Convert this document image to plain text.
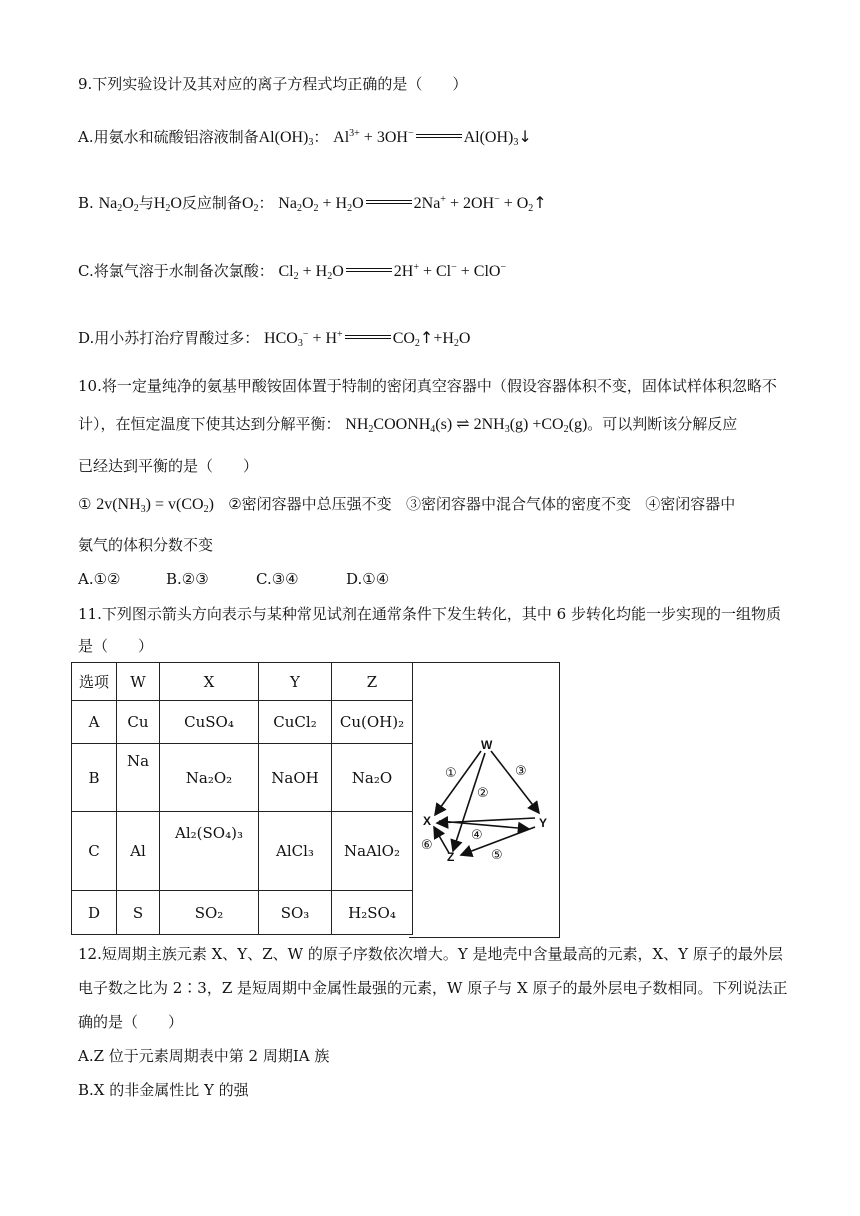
9.下列实验设计及其对应的离子方程式均正确的是（　　）
A.用氨水和硫酸铝溶液制备$Al(OH)_3$： $Al^{3+} + 3OH^-$	$Al(OH)_3↓$
B. $Na_2O_2$与$H_2O$反应制备$O_2$： $Na_2O_2 + H_2O$	$2Na^+ + 2OH^- + O_2↑$
C.将氯气溶于水制备次氯酸： $Cl_2 + H_2O$	2H+ + Cl− + ClO−
D.用小苏打治疗胃酸过多： $HCO_3^- + H^+$	$CO_2↑+H_2O$
10.将一定量纯净的氨基甲酸铵固体置于特制的密闭真空容器中（假设容器体积不变，固体试样体积忽略不
计），在恒定温度下使其达到分解平衡： $NH_2COONH_4(s)$ ⇌ $2NH_3(g) +CO_2(g)$。可以判断该分解反应
已经达到平衡的是（　　）
① $2v(NH_3) = v(CO_2)$ ②密闭容器中总压强不变 ③密闭容器中混合气体的密度不变 ④密闭容器中
氨气的体积分数不变
A.①②	B.②③	C.③④	D.①④
11.下列图示箭头方向表示与某种常见试剂在通常条件下发生转化，其中 6 步转化均能一步实现的一组物质
是（　　）
选项	W	X	Y	Z
A	Cu	CuSO₄	CuCl₂	Cu(OH)₂
B	Na	Na₂O₂	NaOH	Na₂O
C	Al	Al₂(SO₄)₃	AlCl₃	NaAlO₂
D	S	SO₂	SO₃	H₂SO₄
W
X	Y
Z
①
②
③
④
⑤
⑥
12.短周期主族元素 X、Y、Z、W 的原子序数依次增大。Y 是地壳中含量最高的元素，X、Y 原子的最外层
电子数之比为 2∶3，Z 是短周期中金属性最强的元素，W 原子与 X 原子的最外层电子数相同。下列说法正
确的是（　　）
A.Z 位于元素周期表中第 2 周期ⅠA 族
B.X 的非金属性比 Y 的强
